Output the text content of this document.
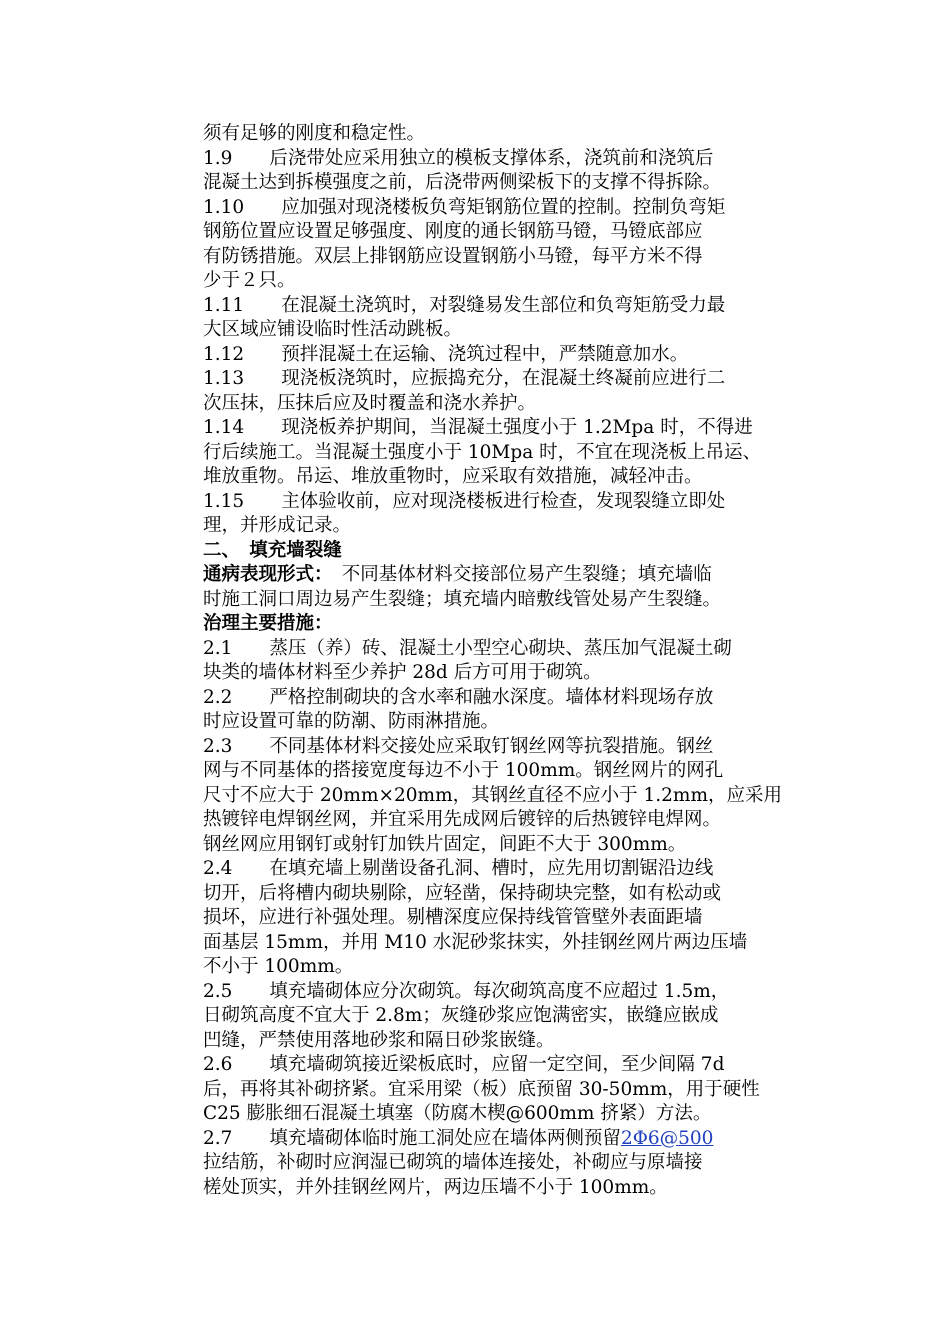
须有足够的刚度和稳定性。
1.9　　后浇带处应采用独立的模板支撑体系，浇筑前和浇筑后
混凝土达到拆模强度之前，后浇带两侧梁板下的支撑不得拆除。
1.10　　应加强对现浇楼板负弯矩钢筋位置的控制。控制负弯矩
钢筋位置应设置足够强度、刚度的通长钢筋马镫，马镫底部应
有防锈措施。双层上排钢筋应设置钢筋小马镫，每平方米不得
少于２只。
1.11　　在混凝土浇筑时，对裂缝易发生部位和负弯矩筋受力最
大区域应铺设临时性活动跳板。
1.12　　预拌混凝土在运输、浇筑过程中，严禁随意加水。
1.13　　现浇板浇筑时，应振捣充分，在混凝土终凝前应进行二
次压抹，压抹后应及时覆盖和浇水养护。
1.14　　现浇板养护期间，当混凝土强度小于 1.2Mpa 时，不得进
行后续施工。当混凝土强度小于 10Mpa 时，不宜在现浇板上吊运、
堆放重物。吊运、堆放重物时，应采取有效措施，减轻冲击。
1.15　　主体验收前，应对现浇楼板进行检查，发现裂缝立即处
理，并形成记录。
二、　填充墙裂缝
通病表现形式：　不同基体材料交接部位易产生裂缝；填充墙临
时施工洞口周边易产生裂缝；填充墙内暗敷线管处易产生裂缝。
治理主要措施：
2.1　　蒸压（养）砖、混凝土小型空心砌块、蒸压加气混凝土砌
块类的墙体材料至少养护 28d 后方可用于砌筑。
2.2　　严格控制砌块的含水率和融水深度。墙体材料现场存放
时应设置可靠的防潮、防雨淋措施。
2.3　　不同基体材料交接处应采取钉钢丝网等抗裂措施。钢丝
网与不同基体的搭接宽度每边不小于 100mm。钢丝网片的网孔
尺寸不应大于 20mm×20mm，其钢丝直径不应小于 1.2mm，应采用
热镀锌电焊钢丝网，并宜采用先成网后镀锌的后热镀锌电焊网。
钢丝网应用钢钉或射钉加铁片固定，间距不大于 300mm。
2.4　　在填充墙上剔凿设备孔洞、槽时，应先用切割锯沿边线
切开，后将槽内砌块剔除，应轻凿，保持砌块完整，如有松动或
损坏，应进行补强处理。剔槽深度应保持线管管壁外表面距墙
面基层 15mm，并用 M10 水泥砂浆抹实，外挂钢丝网片两边压墙
不小于 100mm。
2.5　　填充墙砌体应分次砌筑。每次砌筑高度不应超过 1.5m，
日砌筑高度不宜大于 2.8m；灰缝砂浆应饱满密实，嵌缝应嵌成
凹缝，严禁使用落地砂浆和隔日砂浆嵌缝。
2.6　　填充墙砌筑接近梁板底时，应留一定空间，至少间隔 7d
后，再将其补砌挤紧。宜采用梁（板）底预留 30-50mm，用于硬性
C25 膨胀细石混凝土填塞（防腐木楔@600mm 挤紧）方法。
2.7　　填充墙砌体临时施工洞处应在墙体两侧预留2Φ6@500
拉结筋，补砌时应润湿已砌筑的墙体连接处，补砌应与原墙接
槎处顶实，并外挂钢丝网片，两边压墙不小于 100mm。
